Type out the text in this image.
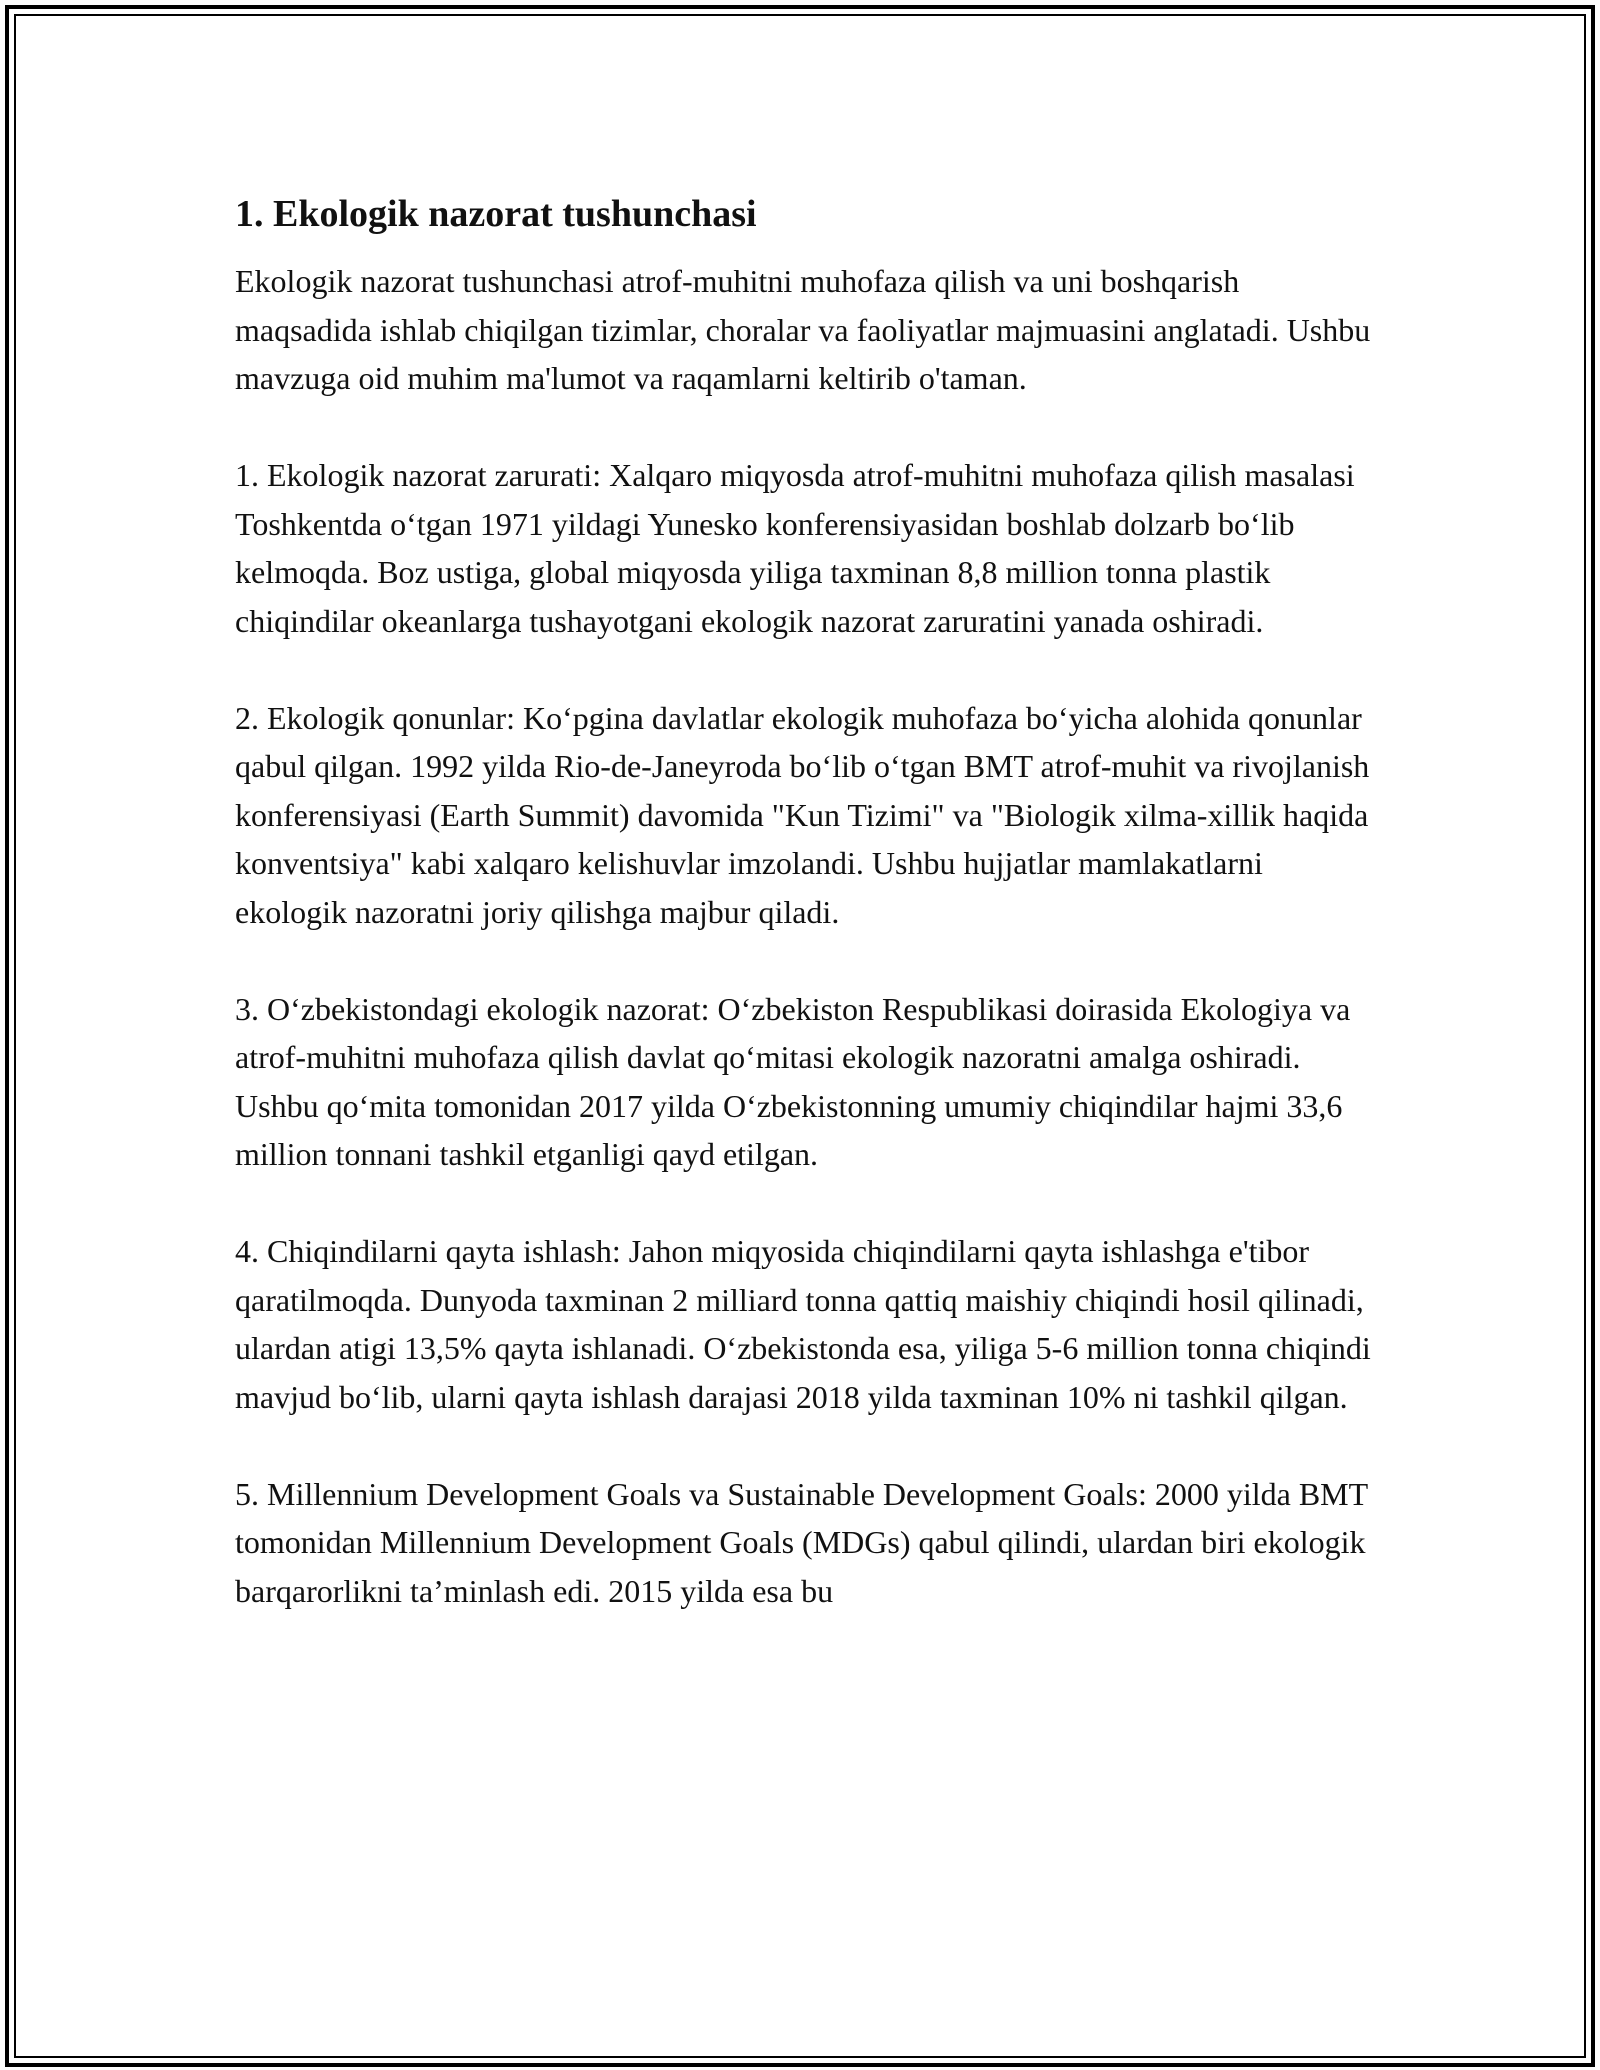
1. Ekologik nazorat tushunchasi

Ekologik nazorat tushunchasi atrof-muhitni muhofaza qilish va uni boshqarish maqsadida ishlab chiqilgan tizimlar, choralar va faoliyatlar majmuasini anglatadi. Ushbu mavzuga oid muhim ma'lumot va raqamlarni keltirib o'taman.

1. Ekologik nazorat zarurati: Xalqaro miqyosda atrof-muhitni muhofaza qilish masalasi Toshkentda o‘tgan 1971 yildagi Yunesko konferensiyasidan boshlab dolzarb bo‘lib kelmoqda. Boz ustiga, global miqyosda yiliga taxminan 8,8 million tonna plastik chiqindilar okeanlarga tushayotgani ekologik nazorat zaruratini yanada oshiradi.

2. Ekologik qonunlar: Ko‘pgina davlatlar ekologik muhofaza bo‘yicha alohida qonunlar qabul qilgan. 1992 yilda Rio-de-Janeyroda bo‘lib o‘tgan BMT atrof-muhit va rivojlanish konferensiyasi (Earth Summit) davomida "Kun Tizimi" va "Biologik xilma-xillik haqida konventsiya" kabi xalqaro kelishuvlar imzolandi. Ushbu hujjatlar mamlakatlarni ekologik nazoratni joriy qilishga majbur qiladi.

3. O‘zbekistondagi ekologik nazorat: O‘zbekiston Respublikasi doirasida Ekologiya va atrof-muhitni muhofaza qilish davlat qo‘mitasi ekologik nazoratni amalga oshiradi. Ushbu qo‘mita tomonidan 2017 yilda O‘zbekistonning umumiy chiqindilar hajmi 33,6 million tonnani tashkil etganligi qayd etilgan.

4. Chiqindilarni qayta ishlash: Jahon miqyosida chiqindilarni qayta ishlashga e'tibor qaratilmoqda. Dunyoda taxminan 2 milliard tonna qattiq maishiy chiqindi hosil qilinadi, ulardan atigi 13,5% qayta ishlanadi. O‘zbekistonda esa, yiliga 5-6 million tonna chiqindi mavjud bo‘lib, ularni qayta ishlash darajasi 2018 yilda taxminan 10% ni tashkil qilgan.

5. Millennium Development Goals va Sustainable Development Goals: 2000 yilda BMT tomonidan Millennium Development Goals (MDGs) qabul qilindi, ulardan biri ekologik barqarorlikni ta’minlash edi. 2015 yilda esa bu
